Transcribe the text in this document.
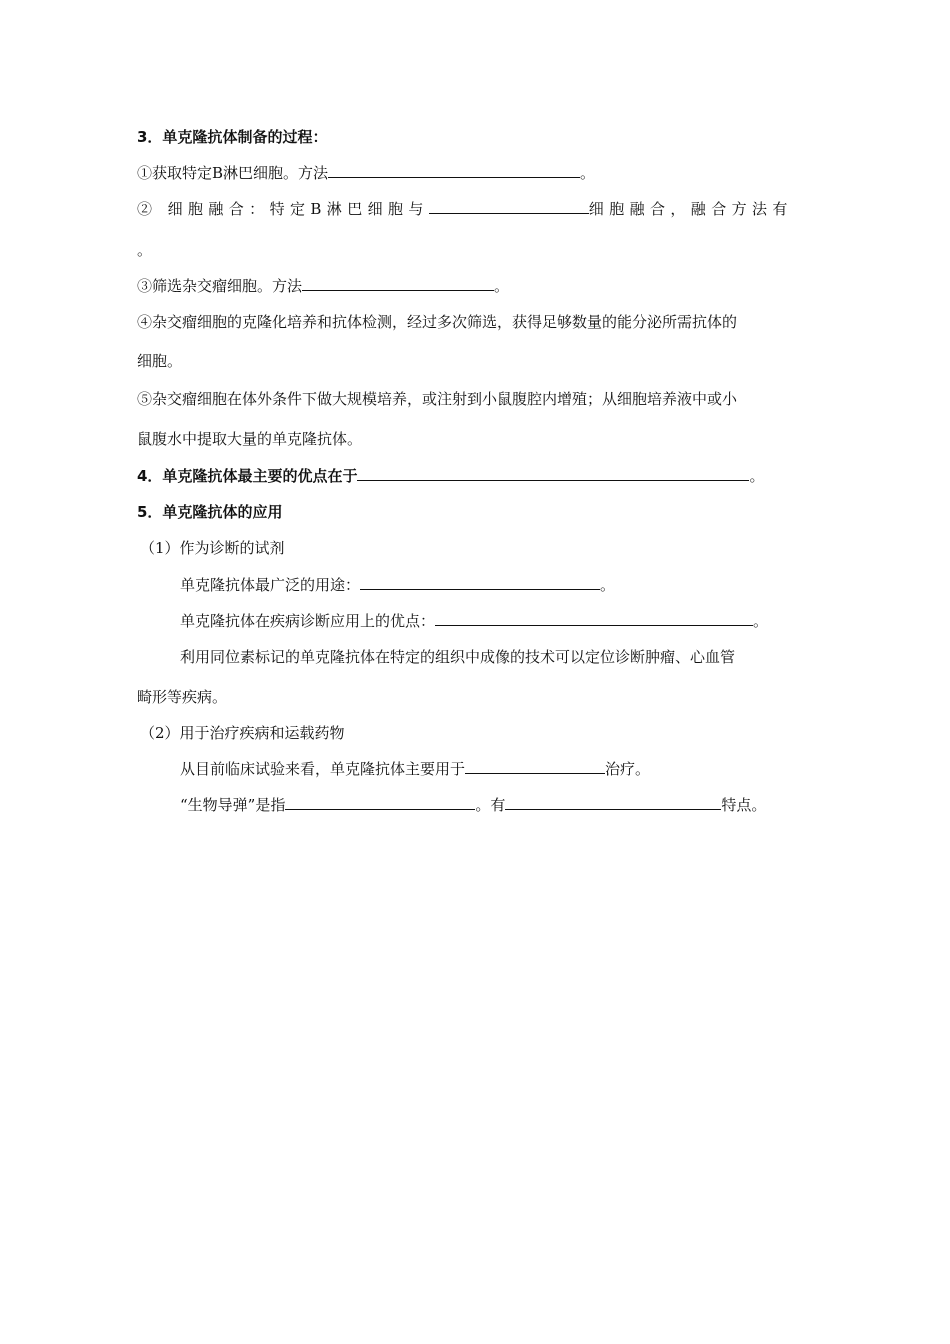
3．单克隆抗体制备的过程：
①获取特定B淋巴细胞。方法	。
② 细胞融合：特定B淋巴细胞与	细胞融合，融合方法有
。
③筛选杂交瘤细胞。方法	。
④杂交瘤细胞的克隆化培养和抗体检测，经过多次筛选，获得足够数量的能分泌所需抗体的
细胞。
⑤杂交瘤细胞在体外条件下做大规模培养，或注射到小鼠腹腔内增殖；从细胞培养液中或小
鼠腹水中提取大量的单克隆抗体。
4．单克隆抗体最主要的优点在于	。
5．单克隆抗体的应用
（1）作为诊断的试剂
单克隆抗体最广泛的用途：	。
单克隆抗体在疾病诊断应用上的优点：	。
利用同位素标记的单克隆抗体在特定的组织中成像的技术可以定位诊断肿瘤、心血管
畸形等疾病。
（2）用于治疗疾病和运载药物
从目前临床试验来看，单克隆抗体主要用于	治疗。
“生物导弹”是指	。有	特点。
